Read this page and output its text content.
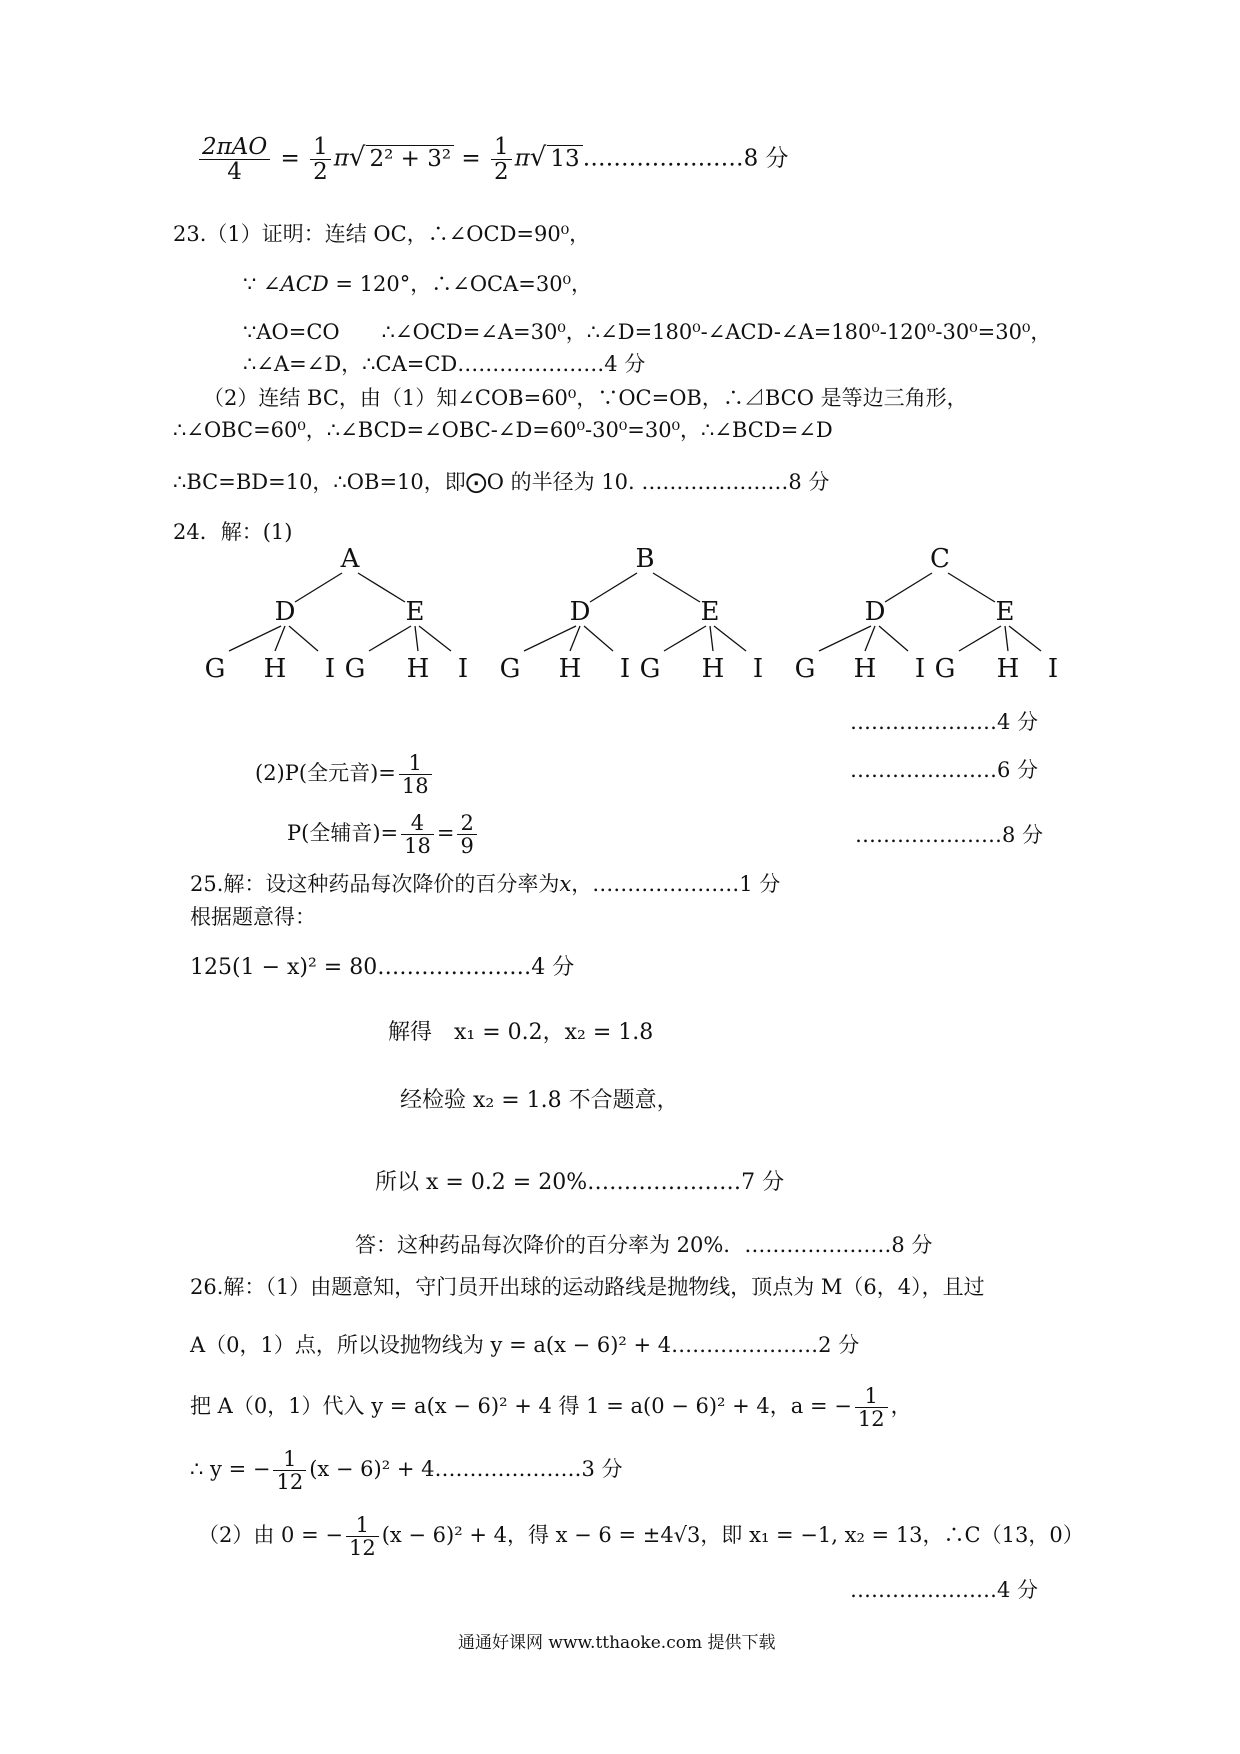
$\frac{\text{2πAO}}{4} = \frac{1}{2} \pi√$ $2^2 + 3^2 = \frac{1}{2} \pi√$ 13 …………………8 分
23.（1）证明：连结 OC，∴∠OCD=90⁰，
∵ ∠ACD = 120°，∴∠OCA=30⁰，
∵AO=CO　　∴∠OCD=∠A=30⁰，∴∠D=180⁰-∠ACD-∠A=180⁰-120⁰-30⁰=30⁰，
∴∠A=∠D，∴CA=CD…………………4 分
（2）连结 BC，由（1）知∠COB=60⁰，∵OC=OB，∴⊿BCO 是等边三角形，
∴∠OBC=60⁰，∴∠BCD=∠OBC-∠D=60⁰-30⁰=30⁰，∴∠BCD=∠D
∴BC=BD=10，∴OB=10，即⨀O 的半径为 10. …………………8 分
24．解：(1)
A
D	E
G H I G H I
B
D	E
G H I G H I
C
D	E
G H I G H I
…………………4 分
(2)P(全元音)= $\frac{1}{18}$	…………………6 分
P(全辅音)= $\frac{4}{18} = \frac{2}{9}$	…………………8 分
25.解：设这种药品每次降价的百分率为x，…………………1 分
根据题意得：
125(1 − x)² = 80…………………4 分
解得　x₁ = 0.2，x₂ = 1.8
经检验 x₂ = 1.8 不合题意，
所以 x = 0.2 = 20%…………………7 分
答：这种药品每次降价的百分率为 20%．…………………8 分
26.解：（1）由题意知，守门员开出球的运动路线是抛物线，顶点为 M（6，4），且过
A（0，1）点，所以设抛物线为 y = a(x − 6)² + 4…………………2 分
把 A（0，1）代入 y = a(x − 6)² + 4 得 1 = a(0 − 6)² + 4，a = − $\frac{1}{12}$ ，
∴ y = − $\frac{1}{12} (x - 6)^2$ + 4…………………3 分
（2）由 0 = − $\frac{1}{12} (x - 6)^2 + 4$，得 x − 6 = ±4√3，即 x₁ = −1, x₂ = 13，∴C（13，0）
…………………4 分
通通好课网 www.tthaoke.com 提供下载
